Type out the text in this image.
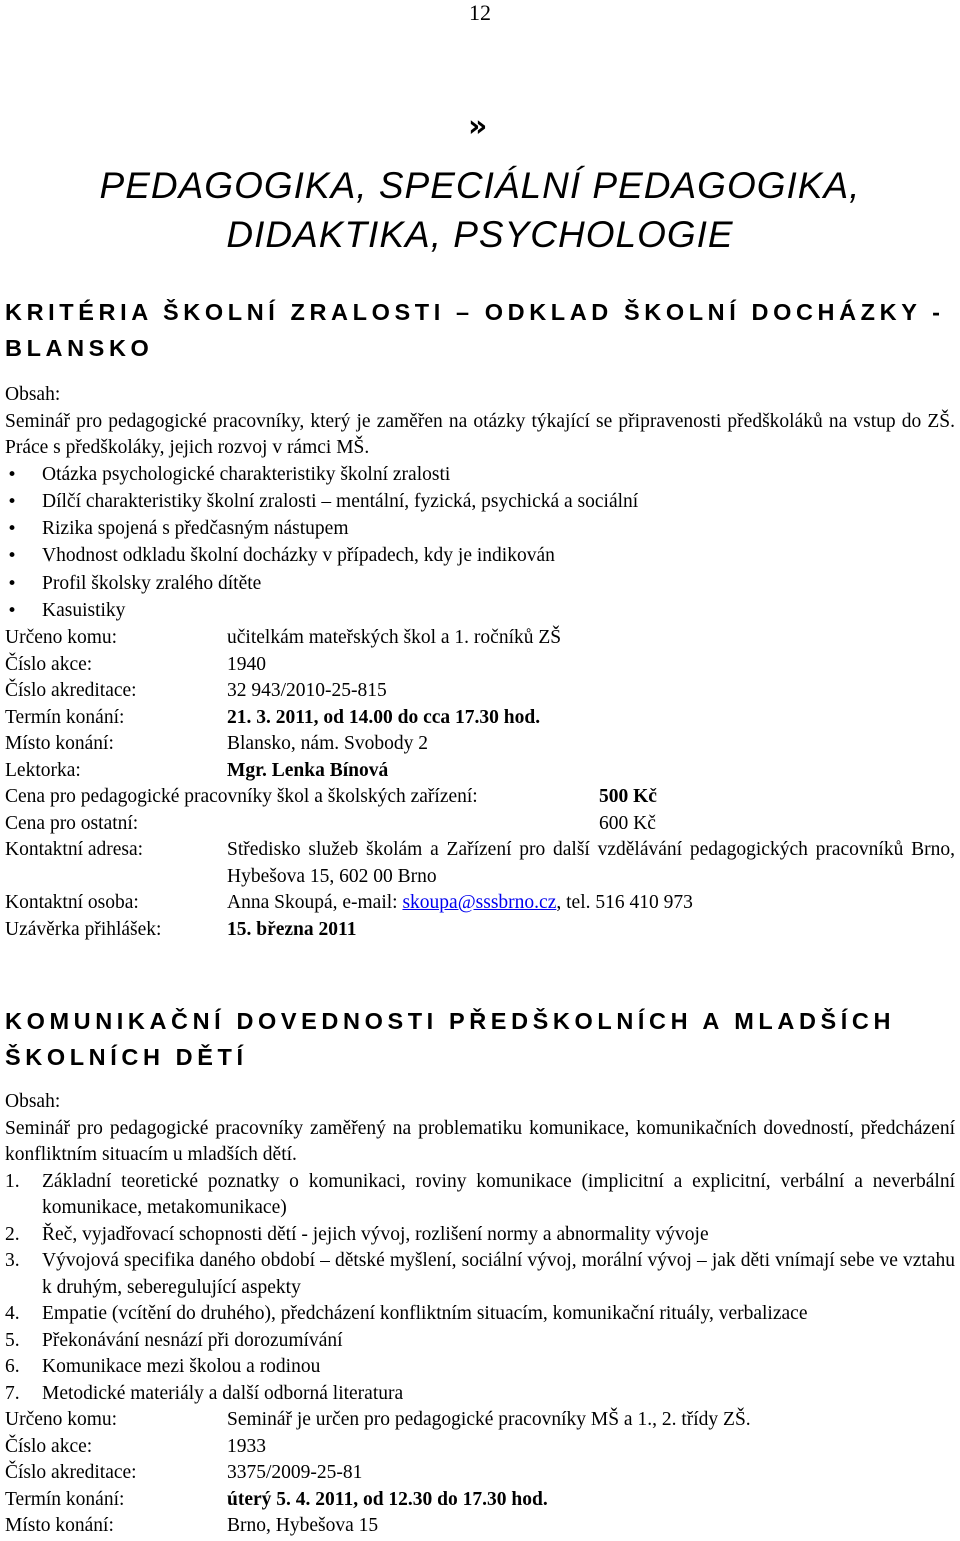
12
»
PEDAGOGIKA, SPECIÁLNÍ PEDAGOGIKA,
DIDAKTIKA, PSYCHOLOGIE
KRITÉRIA ŠKOLNÍ ZRALOSTI – ODKLAD ŠKOLNÍ DOCHÁZKY - BLANSKO
Obsah:
Seminář pro pedagogické pracovníky, který je zaměřen na otázky týkající se připravenosti předškoláků na vstup do ZŠ. Práce s předškoláky, jejich rozvoj v rámci MŠ.
• Otázka psychologické charakteristiky školní zralosti
• Dílčí charakteristiky školní zralosti – mentální, fyzická, psychická a sociální
• Rizika spojená s předčasným nástupem
• Vhodnost odkladu školní docházky v případech, kdy je indikován
• Profil školsky zralého dítěte
• Kasuistiky
Určeno komu:	učitelkám mateřských škol a 1. ročníků ZŠ
Číslo akce:	1940
Číslo akreditace:	32 943/2010-25-815
Termín konání:	21. 3. 2011, od 14.00 do cca 17.30 hod.
Místo konání:	Blansko, nám. Svobody 2
Lektorka:	Mgr. Lenka Bínová
Cena pro pedagogické pracovníky škol a školských zařízení:	500 Kč
Cena pro ostatní:	600 Kč
Kontaktní adresa:	Středisko služeb školám a Zařízení pro další vzdělávání pedagogických pracovníků Brno, Hybešova 15, 602 00 Brno
Kontaktní osoba:	Anna Skoupá, e-mail: skoupa@sssbrno.cz, tel. 516 410 973
Uzávěrka přihlášek:	15. března 2011
KOMUNIKAČNÍ DOVEDNOSTI PŘEDŠKOLNÍCH A MLADŠÍCH ŠKOLNÍCH DĚTÍ
Obsah:
Seminář pro pedagogické pracovníky zaměřený na problematiku komunikace, komunikačních dovedností, předcházení konfliktním situacím u mladších dětí.
1. Základní teoretické poznatky o komunikaci, roviny komunikace (implicitní a explicitní, verbální a neverbální komunikace, metakomunikace)
2. Řeč, vyjadřovací schopnosti dětí - jejich vývoj, rozlišení normy a abnormality vývoje
3. Vývojová specifika daného období – dětské myšlení, sociální vývoj, morální vývoj – jak děti vnímají sebe ve vztahu k druhým, seberegulující aspekty
4. Empatie (vcítění do druhého), předcházení konfliktním situacím, komunikační rituály, verbalizace
5. Překonávání nesnází při dorozumívání
6. Komunikace mezi školou a rodinou
7. Metodické materiály a další odborná literatura
Určeno komu:	Seminář je určen pro pedagogické pracovníky MŠ a 1., 2. třídy ZŠ.
Číslo akce:	1933
Číslo akreditace:	3375/2009-25-81
Termín konání:	úterý 5. 4. 2011, od 12.30 do 17.30 hod.
Místo konání:	Brno, Hybešova 15
